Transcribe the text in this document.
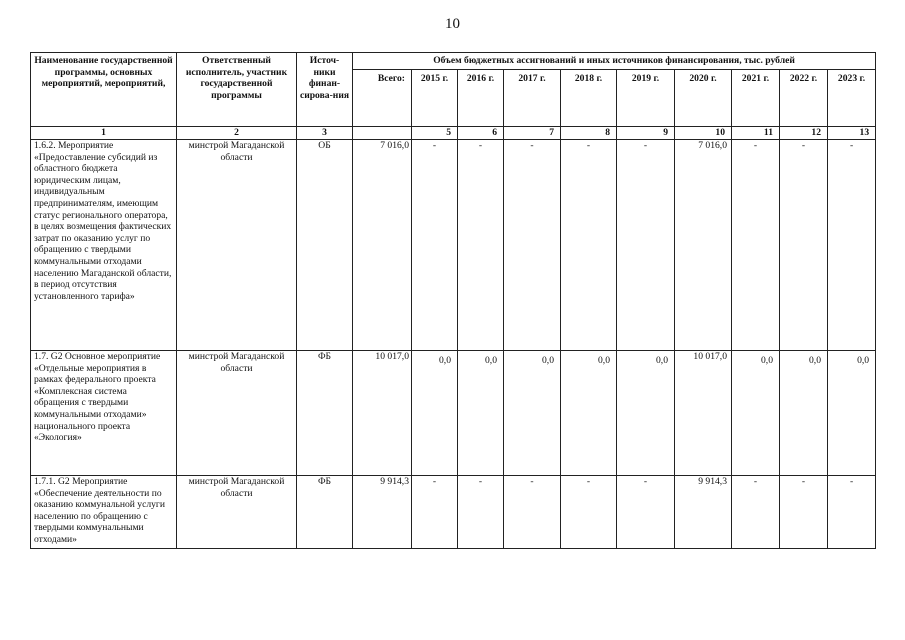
10
Наименование государственной программы, основных мероприятий, мероприятий,	Ответственный исполнитель, участник государственной программы	Источ-ники финан-сирова-ния	Объем бюджетных ассигнований и иных источников финансирования, тыс. рублей									
			Всего:	2015 г.	2016 г.	2017 г.	2018 г.	2019 г.	2020 г.	2021 г.	2022 г.	2023 г.
1	2	3		5	6	7	8	9	10	11	12	13
1.6.2. Мероприятие «Предоставление субсидий из областного бюджета юридическим лицам, индивидуальным предпринимателям, имеющим статус регионального оператора, в целях возмещения фактических затрат по оказанию услуг по обращению с твердыми коммунальными отходами населению Магаданской области, в период отсутствия установленного тарифа»	минстрой Магаданской области	ОБ	7 016,0	-	-	-	-	-	7 016,0	-	-	-
1.7. G2 Основное мероприятие «Отдельные мероприятия в рамках федерального проекта «Комплексная система обращения с твердыми коммунальными отходами» национального проекта «Экология»	минстрой Магаданской области	ФБ	10 017,0	0,0	0,0	0,0	0,0	0,0	10 017,0	0,0	0,0	0,0
1.7.1. G2 Мероприятие «Обеспечение деятельности по оказанию коммунальной услуги населению по обращению с твердыми коммунальными отходами»	минстрой Магаданской области	ФБ	9 914,3	-	-	-	-	-	9 914,3	-	-	-
